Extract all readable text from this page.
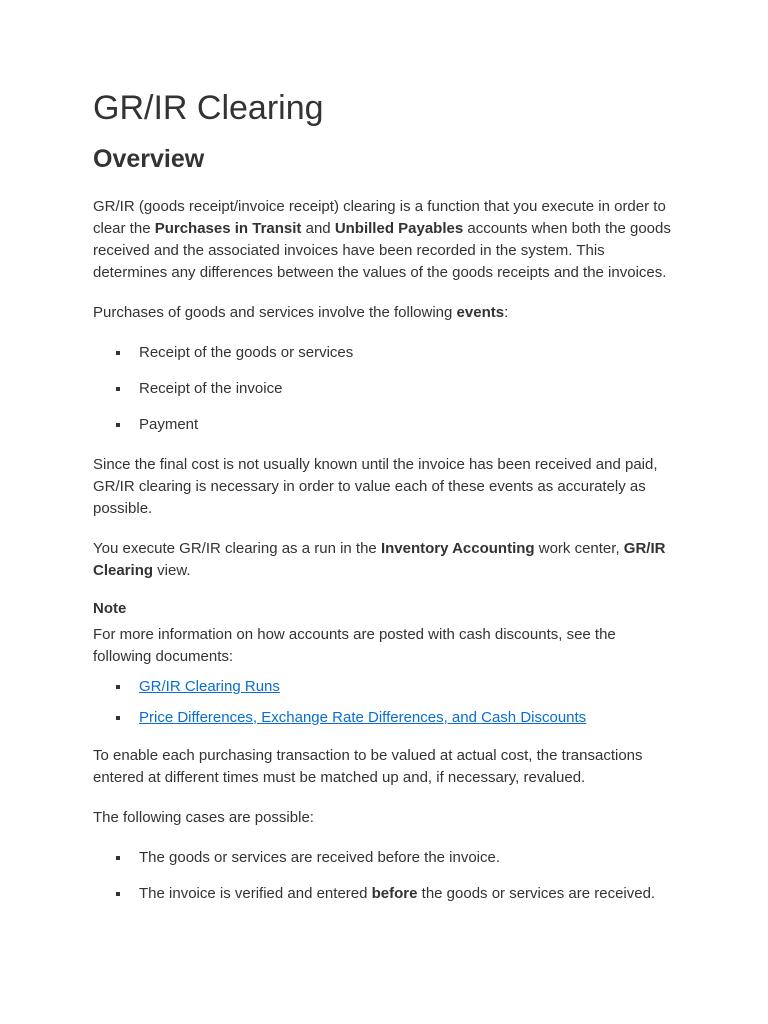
GR/IR Clearing
Overview

GR/IR (goods receipt/invoice receipt) clearing is a function that you execute in order to clear the Purchases in Transit and Unbilled Payables accounts when both the goods received and the associated invoices have been recorded in the system. This determines any differences between the values of the goods receipts and the invoices.

Purchases of goods and services involve the following events:

Receipt of the goods or services
Receipt of the invoice
Payment

Since the final cost is not usually known until the invoice has been received and paid, GR/IR clearing is necessary in order to value each of these events as accurately as possible.

You execute GR/IR clearing as a run in the Inventory Accounting work center, GR/IR Clearing view.

Note

For more information on how accounts are posted with cash discounts, see the following documents:

GR/IR Clearing Runs
Price Differences, Exchange Rate Differences, and Cash Discounts

To enable each purchasing transaction to be valued at actual cost, the transactions entered at different times must be matched up and, if necessary, revalued.

The following cases are possible:

The goods or services are received before the invoice.
The invoice is verified and entered before the goods or services are received.
